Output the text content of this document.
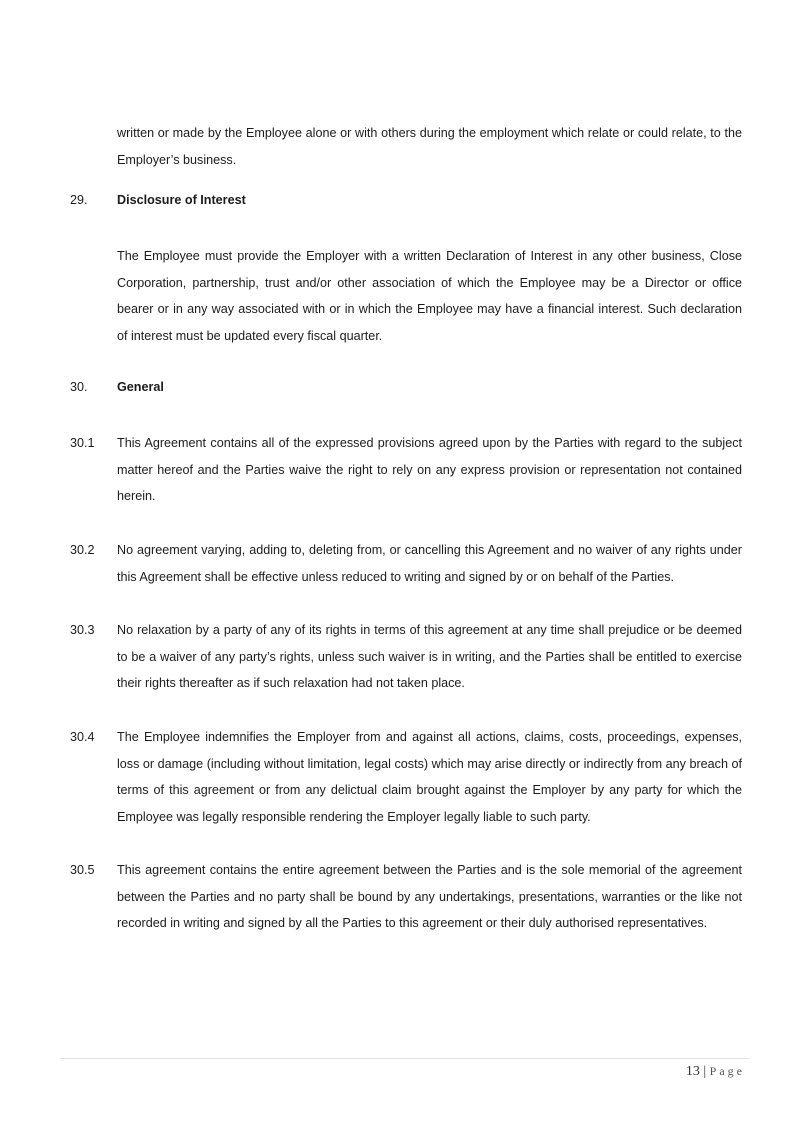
written or made by the Employee alone or with others during the employment which relate or could relate, to the Employer’s business.
29.	Disclosure of Interest
The Employee must provide the Employer with a written Declaration of Interest in any other business, Close Corporation, partnership, trust and/or other association of which the Employee may be a Director or office bearer or in any way associated with or in which the Employee may have a financial interest. Such declaration of interest must be updated every fiscal quarter.
30.	General
30.1	This Agreement contains all of the expressed provisions agreed upon by the Parties with regard to the subject matter hereof and the Parties waive the right to rely on any express provision or representation not contained herein.
30.2	No agreement varying, adding to, deleting from, or cancelling this Agreement and no waiver of any rights under this Agreement shall be effective unless reduced to writing and signed by or on behalf of the Parties.
30.3	No relaxation by a party of any of its rights in terms of this agreement at any time shall prejudice or be deemed to be a waiver of any party’s rights, unless such waiver is in writing, and the Parties shall be entitled to exercise their rights thereafter as if such relaxation had not taken place.
30.4	The Employee indemnifies the Employer from and against all actions, claims, costs, proceedings, expenses, loss or damage (including without limitation, legal costs) which may arise directly or indirectly from any breach of terms of this agreement or from any delictual claim brought against the Employer by any party for which the Employee was legally responsible rendering the Employer legally liable to such party.
30.5	This agreement contains the entire agreement between the Parties and is the sole memorial of the agreement between the Parties and no party shall be bound by any undertakings, presentations, warranties or the like not recorded in writing and signed by all the Parties to this agreement or their duly authorised representatives.
13 | Page
